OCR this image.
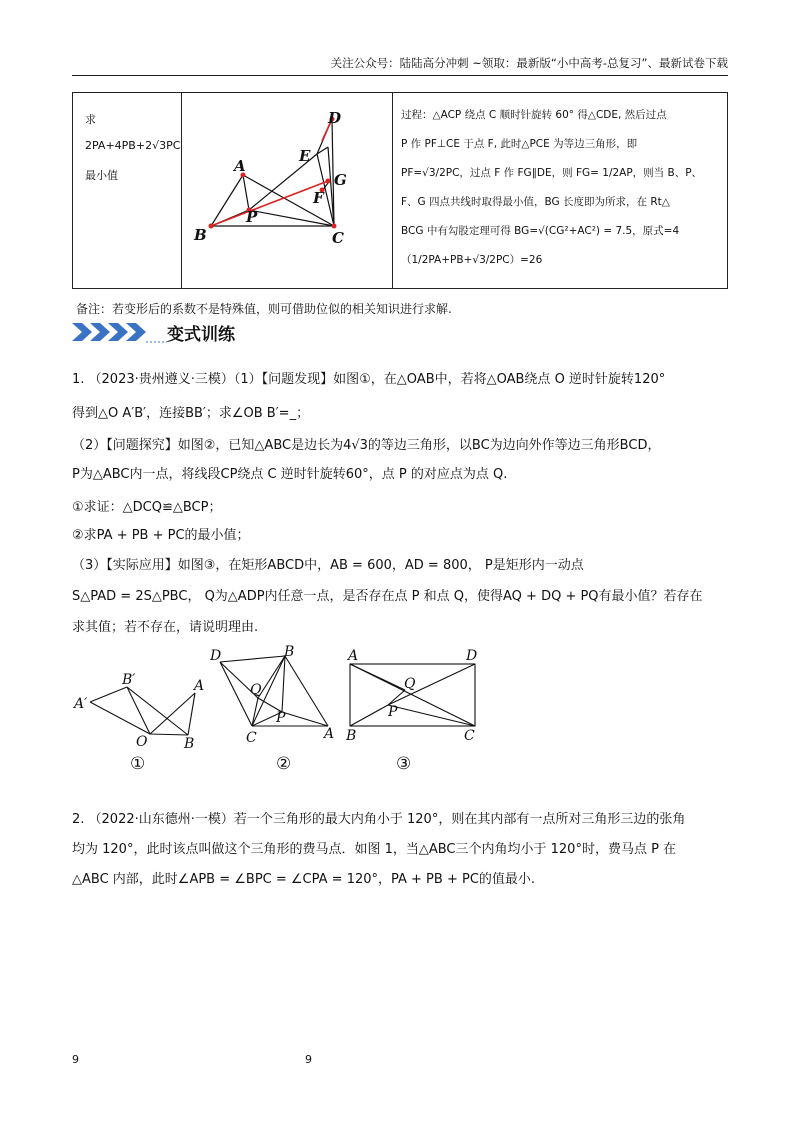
关注公众号：陆陆高分冲刺 ~领取：最新版“小中高考-总复习”、最新试卷下载
求
2PA+4PB+2√3PC
最小值
D
E
G
F
A
P
B	C
过程：△ACP 绕点 C 顺时针旋转 60° 得△CDE, 然后过点
P 作 PF⊥CE 于点 F, 此时△PCE 为等边三角形，即
PF=√3/2PC，过点 F 作 FG∥DE，则 FG= 1/2AP，则当 B、P、
F、G 四点共线时取得最小值，BG 长度即为所求，在 Rt△
BCG 中有勾股定理可得 BG=√(CG²+AC²) = 7.5，原式=4
（1/2PA+PB+√3/2PC）=26
备注：若变形后的系数不是特殊值，则可借助位似的相关知识进行求解.
变式训练
1. （2023·贵州遵义·三模）（1）【问题发现】如图①，在△OAB中，若将△OAB绕点 O 逆时针旋转120°
得到△O A′B′，连接BB′；求∠OB B′=_；
（2）【问题探究】如图②，已知△ABC是边长为4√3的等边三角形，以BC为边向外作等边三角形BCD，
P为△ABC内一点，将线段CP绕点 C 逆时针旋转60°，点 P 的对应点为点 Q.
①求证：△DCQ≌△BCP；
②求PA + PB + PC的最小值；
（3）【实际应用】如图③，在矩形ABCD中，AB = 600，AD = 800， P是矩形内一动点
S△PAD = 2S△PBC， Q为△ADP内任意一点，是否存在点 P 和点 Q，使得AQ + DQ + PQ有最小值？若存在
求其值；若不存在，请说明理由.
A′
B′	A
O	B
D	B
Q
P
C	A
A	D
Q
P
B	C
①	②	③
2. （2022·山东德州·一模）若一个三角形的最大内角小于 120°，则在其内部有一点所对三角形三边的张角
均为 120°，此时该点叫做这个三角形的费马点．如图 1，当△ABC三个内角均小于 120°时，费马点 P 在
△ABC 内部，此时∠APB = ∠BPC = ∠CPA = 120°，PA + PB + PC的值最小.
9	9
